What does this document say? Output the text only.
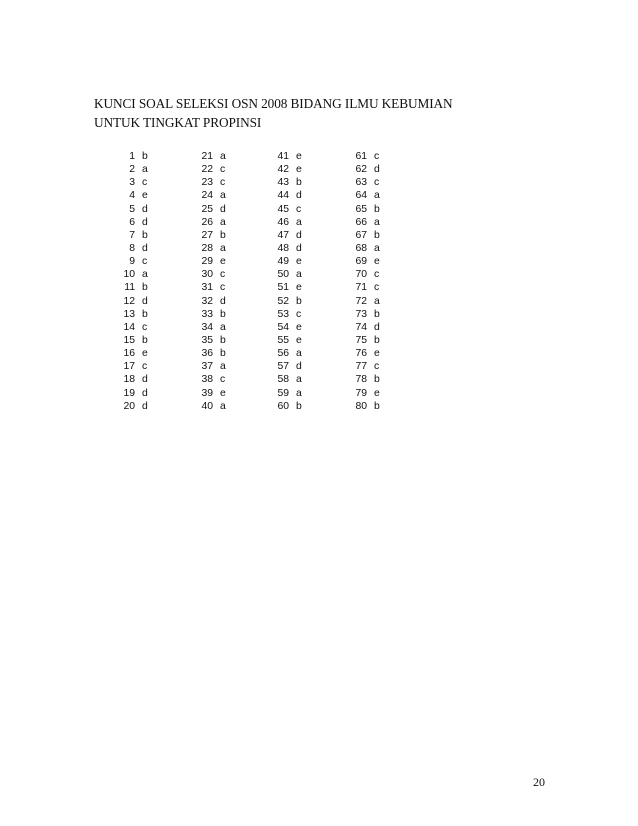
KUNCI SOAL SELEKSI OSN 2008 BIDANG ILMU KEBUMIAN
UNTUK TINGKAT PROPINSI
1 b
2 a
3 c
4 e
5 d
6 d
7 b
8 d
9 c
10 a
11 b
12 d
13 b
14 c
15 b
16 e
17 c
18 d
19 d
20 d
21 a
22 c
23 c
24 a
25 d
26 a
27 b
28 a
29 e
30 c
31 c
32 d
33 b
34 a
35 b
36 b
37 a
38 c
39 e
40 a
41 e
42 e
43 b
44 d
45 c
46 a
47 d
48 d
49 e
50 a
51 e
52 b
53 c
54 e
55 e
56 a
57 d
58 a
59 a
60 b
61 c
62 d
63 c
64 a
65 b
66 a
67 b
68 a
69 e
70 c
71 c
72 a
73 b
74 d
75 b
76 e
77 c
78 b
79 e
80 b
20
